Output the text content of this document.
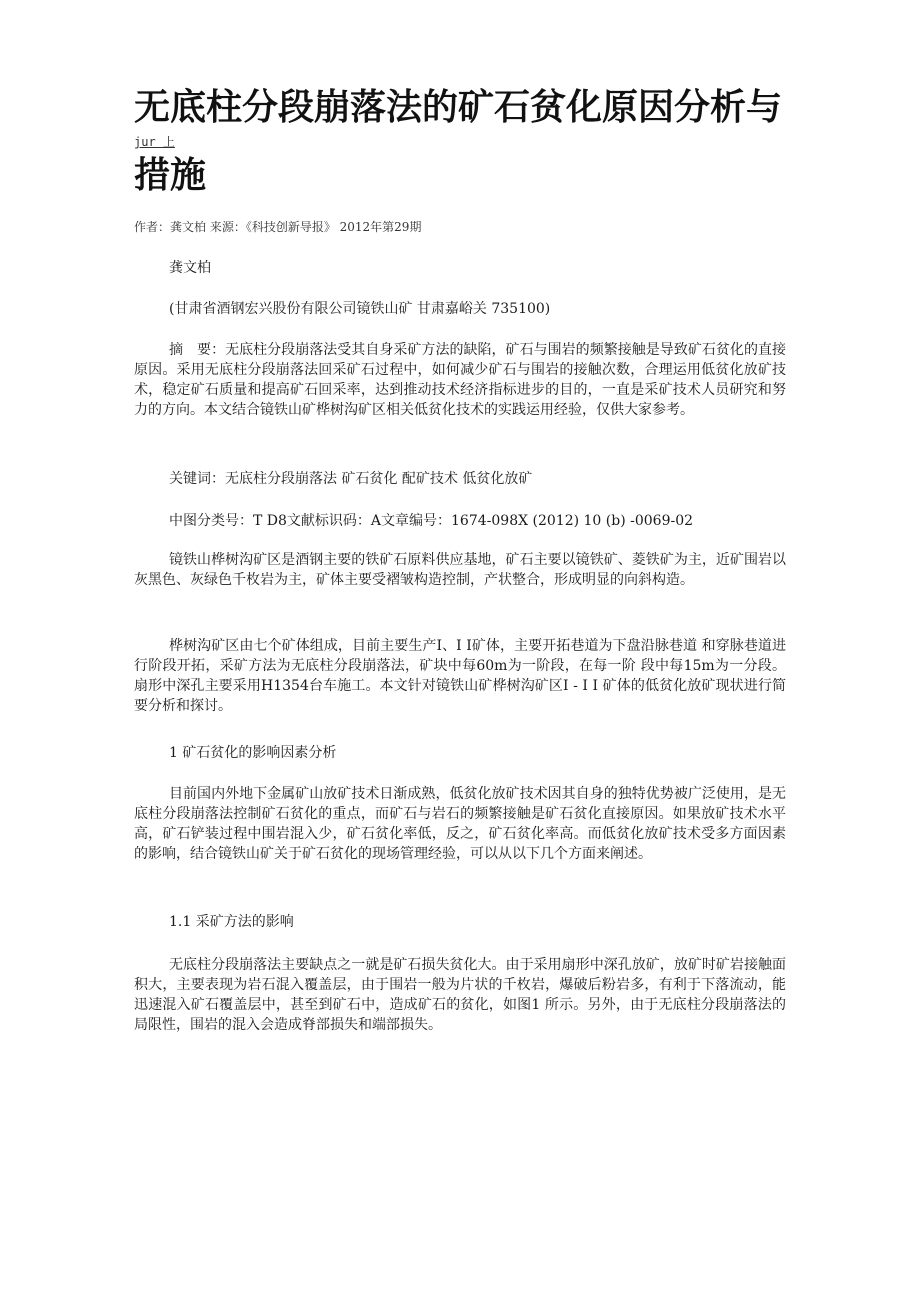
无底柱分段崩落法的矿石贫化原因分析与
jur 上
措施
作者：龚文柏 来源：《科技创新导报》 2012年第29期

龚文柏

(甘肃省酒钢宏兴股份有限公司镜铁山矿 甘肃嘉峪关 735100)

摘　要：无底柱分段崩落法受其自身采矿方法的缺陷，矿石与围岩的频繁接触是导致矿石贫化的直接原因。采用无底柱分段崩落法回采矿石过程中，如何减少矿石与围岩的接触次数，合理运用低贫化放矿技术，稳定矿石质量和提高矿石回采率，达到推动技术经济指标进步的目的，一直是采矿技术人员研究和努力的方向。本文结合镜铁山矿桦树沟矿区相关低贫化技术的实践运用经验，仅供大家参考。

关键词：无底柱分段崩落法 矿石贫化 配矿技术 低贫化放矿

中图分类号：T D8文献标识码：A文章编号：1674-098X (2012) 10 (b) -0069-02

镜铁山桦树沟矿区是酒钢主要的铁矿石原料供应基地，矿石主要以镜铁矿、菱铁矿为主，近矿围岩以灰黑色、灰绿色千枚岩为主，矿体主要受褶皱构造控制，产状整合，形成明显的向斜构造。

桦树沟矿区由七个矿体组成，目前主要生产I、I I矿体，主要开拓巷道为下盘沿脉巷道 和穿脉巷道进行阶段开拓，采矿方法为无底柱分段崩落法，矿块中每60m为一阶段，在每一阶 段中每15m为一分段。扇形中深孔主要采用H1354台车施工。本文针对镜铁山矿桦树沟矿区I - I I 矿体的低贫化放矿现状进行简要分析和探讨。

1 矿石贫化的影响因素分析

目前国内外地下金属矿山放矿技术日渐成熟，低贫化放矿技术因其自身的独特优势被广泛使用，是无底柱分段崩落法控制矿石贫化的重点，而矿石与岩石的频繁接触是矿石贫化直接原因。如果放矿技术水平高，矿石铲装过程中围岩混入少，矿石贫化率低，反之，矿石贫化率高。而低贫化放矿技术受多方面因素的影响，结合镜铁山矿关于矿石贫化的现场管理经验，可以从以下几个方面来阐述。

1.1 采矿方法的影响

无底柱分段崩落法主要缺点之一就是矿石损失贫化大。由于采用扇形中深孔放矿，放矿时矿岩接触面积大，主要表现为岩石混入覆盖层，由于围岩一般为片状的千枚岩，爆破后粉岩多，有利于下落流动，能迅速混入矿石覆盖层中，甚至到矿石中，造成矿石的贫化，如图1 所示。另外，由于无底柱分段崩落法的局限性，围岩的混入会造成脊部损失和端部损失。
